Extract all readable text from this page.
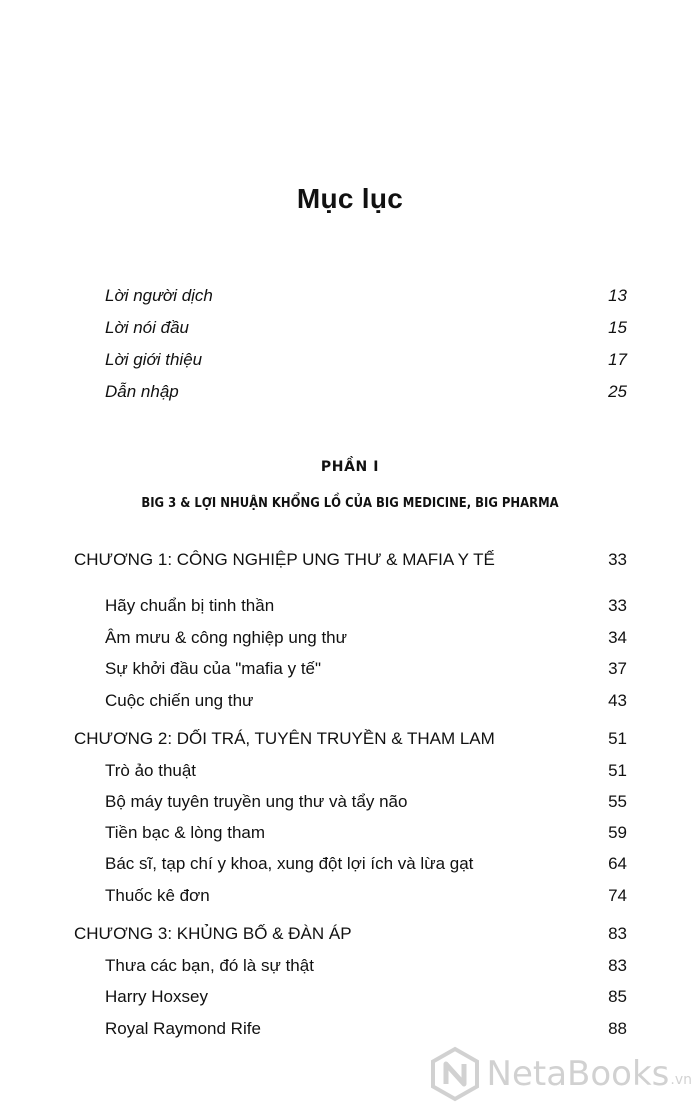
Mục lục
Lời người dịch	13
Lời nói đầu	15
Lời giới thiệu	17
Dẫn nhập	25
PHẦN I
BIG 3 & LỢI NHUẬN KHỔNG LỒ CỦA BIG MEDICINE, BIG PHARMA
CHƯƠNG 1: CÔNG NGHIỆP UNG THƯ & MAFIA Y TẾ	33
Hãy chuẩn bị tinh thần	33
Âm mưu & công nghiệp ung thư	34
Sự khởi đầu của "mafia y tế"	37
Cuộc chiến ung thư	43
CHƯƠNG 2: DỐI TRÁ, TUYÊN TRUYỀN & THAM LAM	51
Trò ảo thuật	51
Bộ máy tuyên truyền ung thư và tẩy não	55
Tiền bạc & lòng tham	59
Bác sĩ, tạp chí y khoa, xung đột lợi ích và lừa gạt	64
Thuốc kê đơn	74
CHƯƠNG 3: KHỦNG BỐ & ĐÀN ÁP	83
Thưa các bạn, đó là sự thật	83
Harry Hoxsey	85
Royal Raymond Rife	88
NetaBooks .vn
